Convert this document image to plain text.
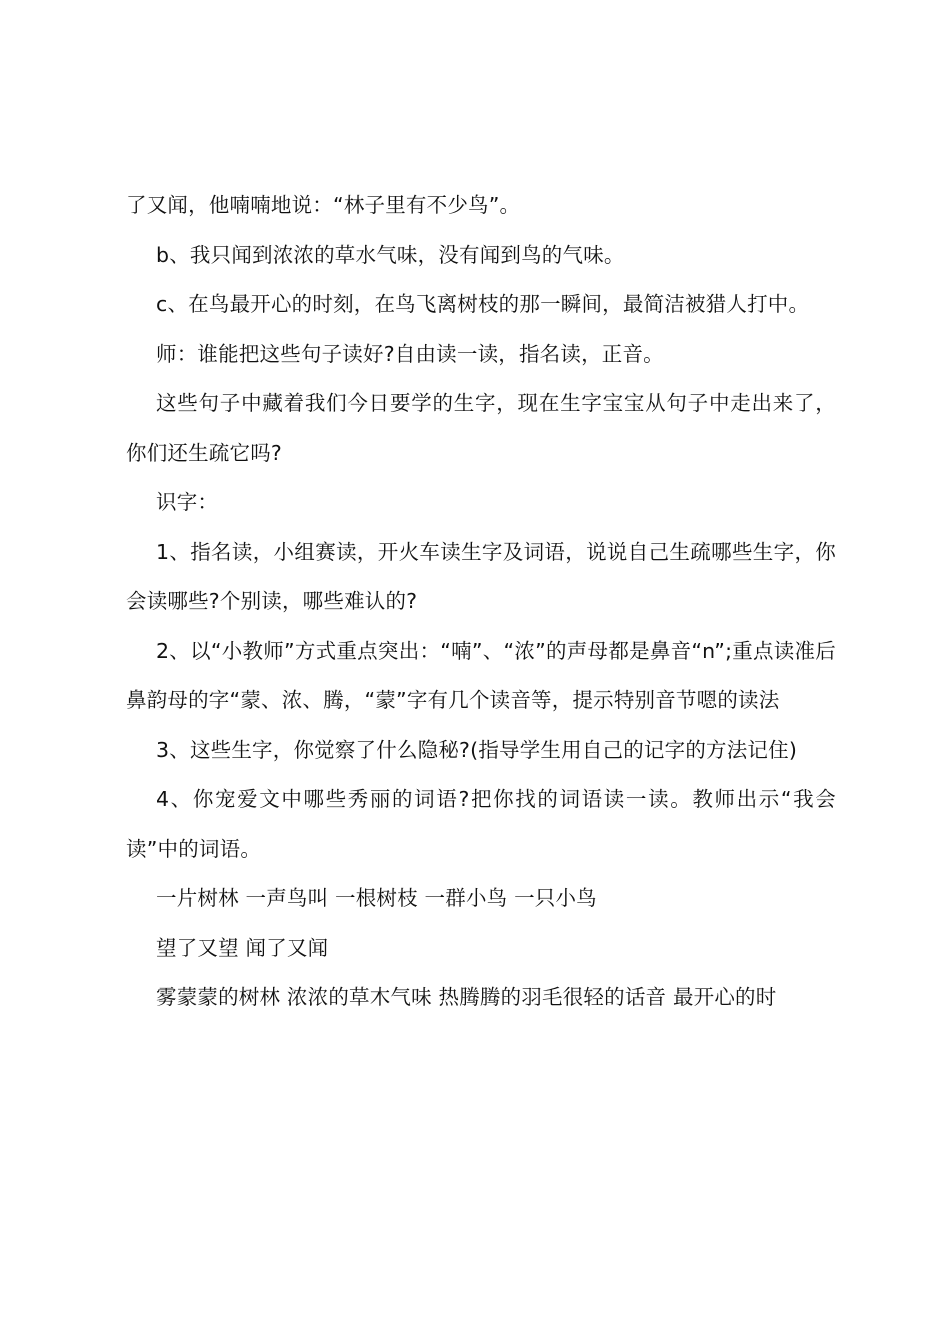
了又闻，他喃喃地说：“林子里有不少鸟”。

b、我只闻到浓浓的草水气味，没有闻到鸟的气味。

c、在鸟最开心的时刻，在鸟飞离树枝的那一瞬间，最简洁被猎人打中。

师：谁能把这些句子读好?自由读一读，指名读，正音。

这些句子中藏着我们今日要学的生字，现在生字宝宝从句子中走出来了，你们还生疏它吗?

识字：

1、指名读，小组赛读，开火车读生字及词语，说说自己生疏哪些生字，你会读哪些?个别读，哪些难认的?

2、以“小教师”方式重点突出：“喃”、“浓”的声母都是鼻音“n”;重点读准后鼻韵母的字“蒙、浓、腾，“蒙”字有几个读音等，提示特别音节嗯的读法

3、这些生字，你觉察了什么隐秘?(指导学生用自己的记字的方法记住)

4、你宠爱文中哪些秀丽的词语?把你找的词语读一读。教师出示“我会读”中的词语。

一片树林 一声鸟叫 一根树枝 一群小鸟 一只小鸟

望了又望 闻了又闻

雾蒙蒙的树林 浓浓的草木气味 热腾腾的羽毛很轻的话音 最开心的时
